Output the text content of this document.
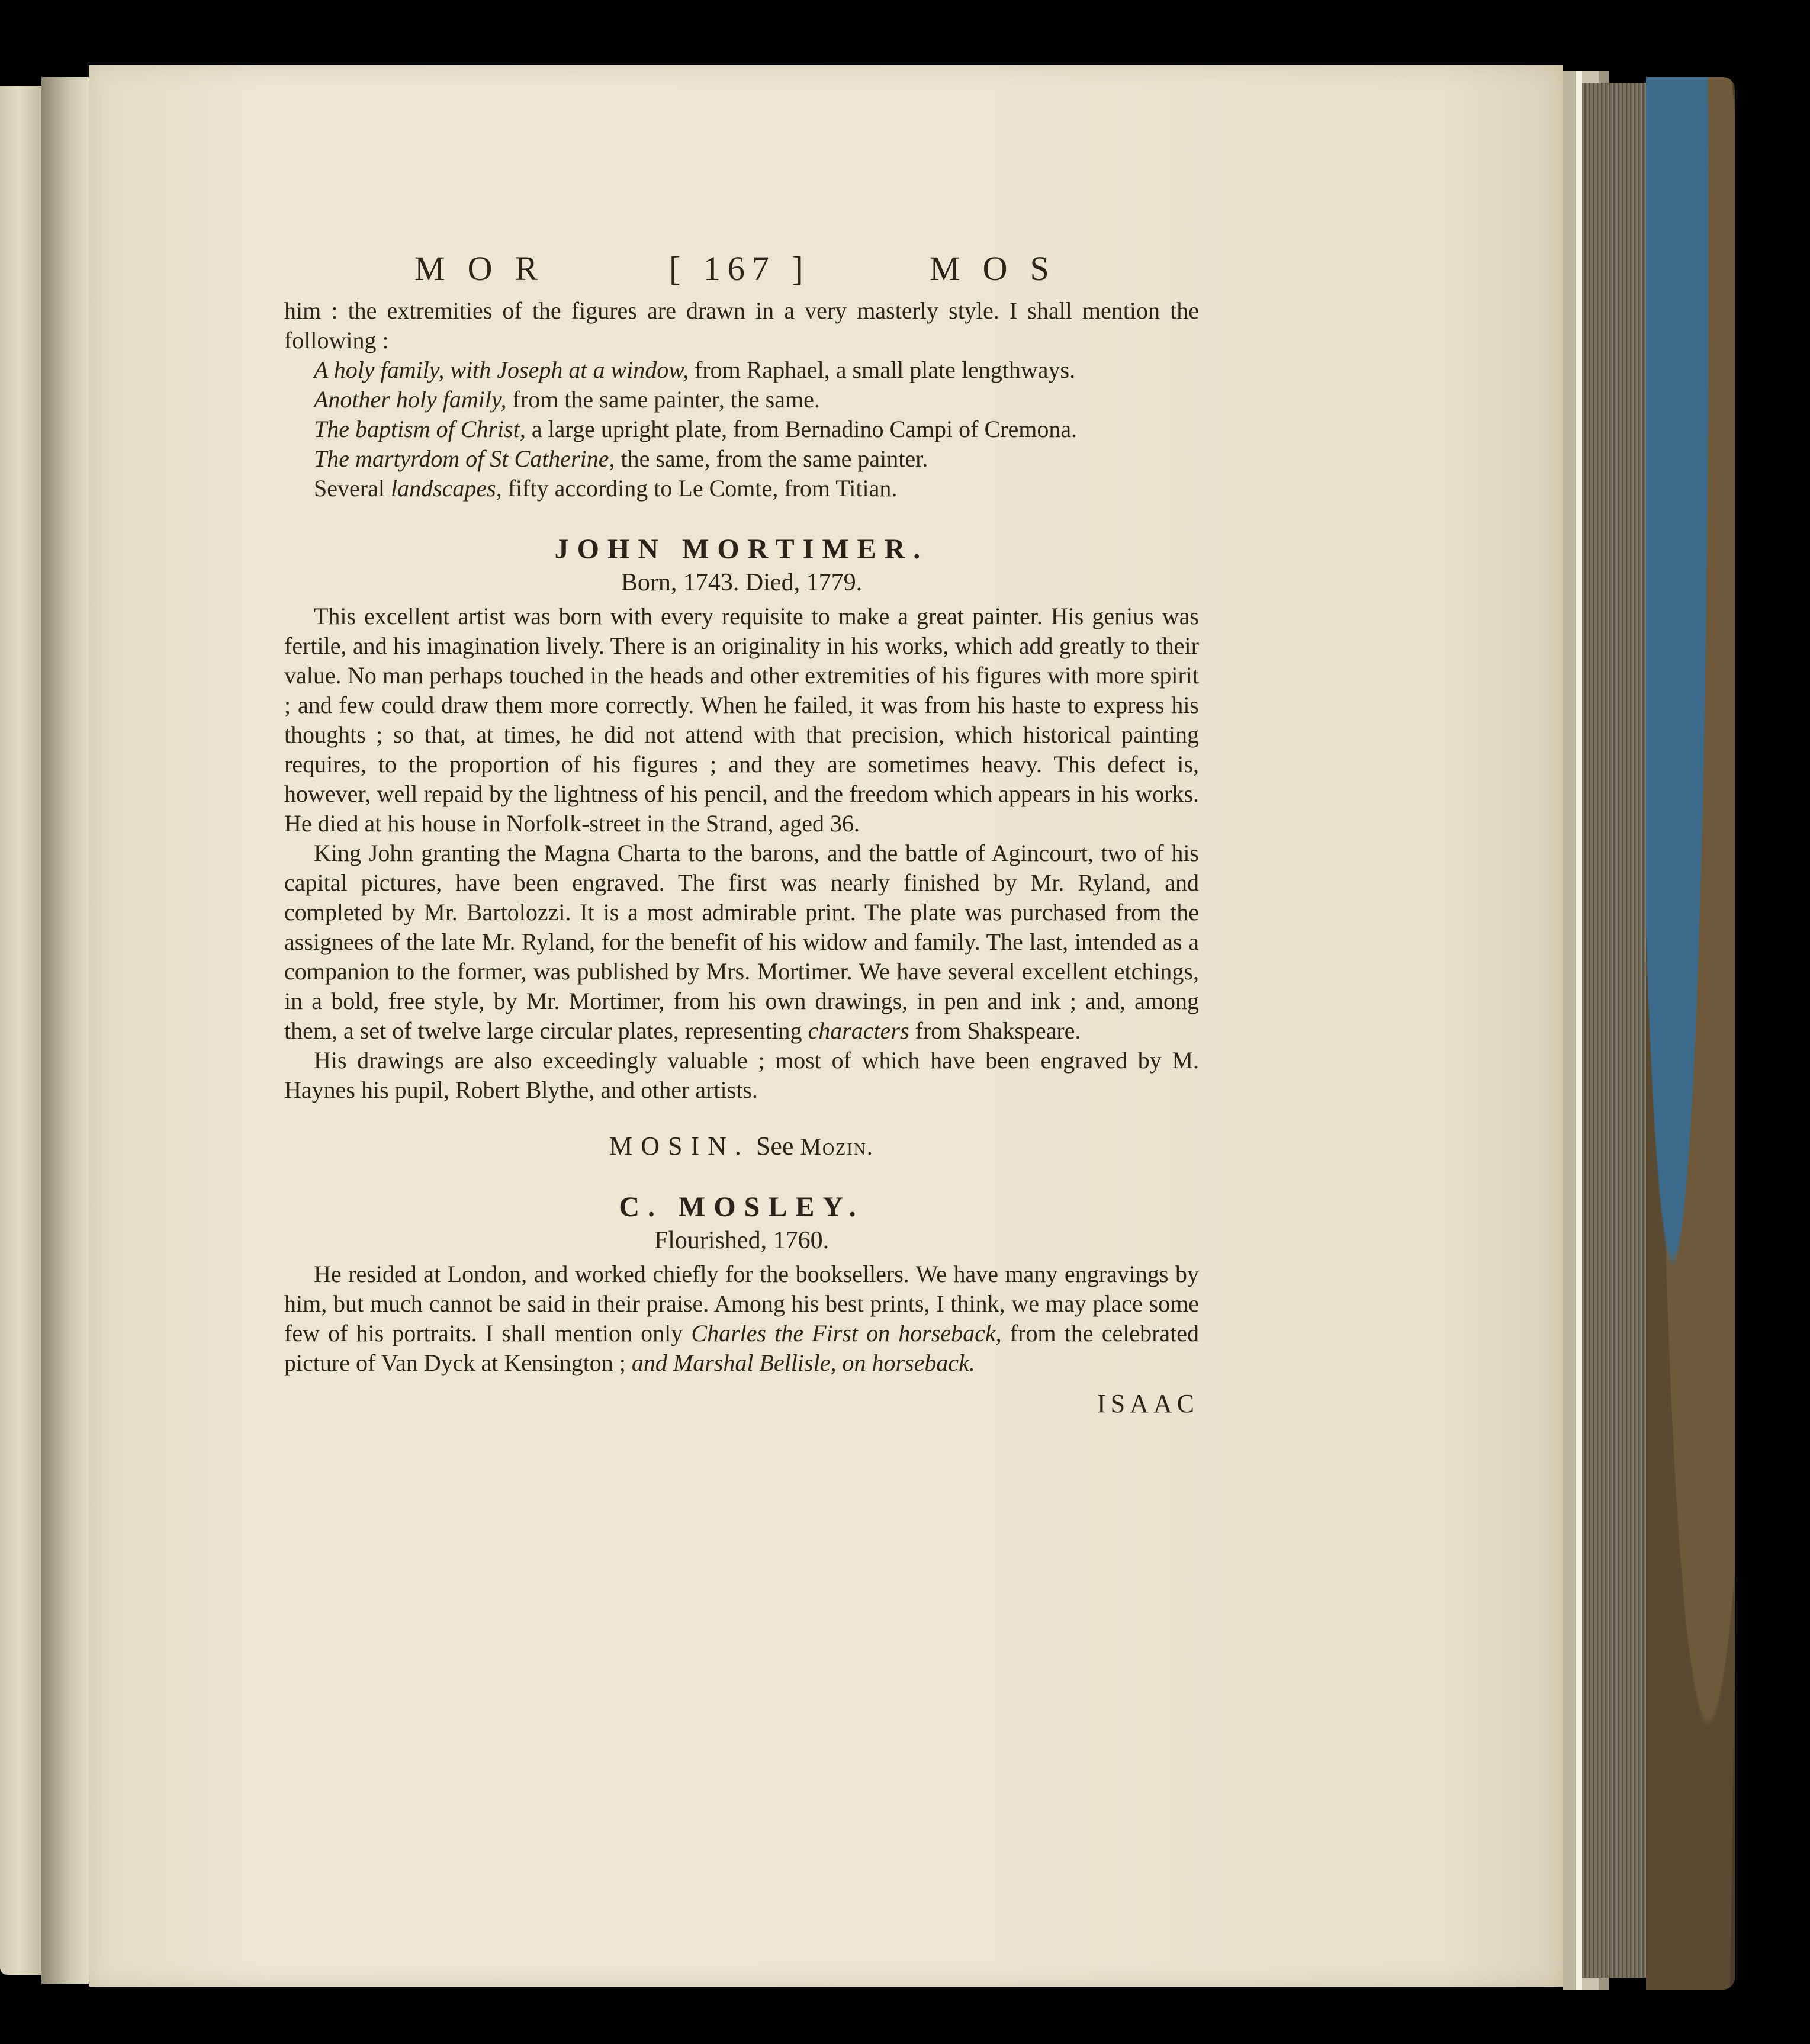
MOR	[ 167 ]	MOS

him : the extremities of the figures are drawn in a very masterly style. I shall mention the following :

A holy family, with Joseph at a window, from Raphael, a small plate lengthways.

Another holy family, from the same painter, the same.

The baptism of Christ, a large upright plate, from Bernadino Campi of Cremona.

The martyrdom of St Catherine, the same, from the same painter.

Several landscapes, fifty according to Le Comte, from Titian.

JOHN MORTIMER.
Born, 1743. Died, 1779.

This excellent artist was born with every requisite to make a great painter. His genius was fertile, and his imagination lively. There is an originality in his works, which add greatly to their value. No man perhaps touched in the heads and other extremities of his figures with more spirit ; and few could draw them more correctly. When he failed, it was from his haste to express his thoughts ; so that, at times, he did not attend with that precision, which historical painting requires, to the proportion of his figures ; and they are sometimes heavy. This defect is, however, well repaid by the lightness of his pencil, and the freedom which appears in his works. He died at his house in Norfolk-street in the Strand, aged 36.

King John granting the Magna Charta to the barons, and the battle of Agincourt, two of his capital pictures, have been engraved. The first was nearly finished by Mr. Ryland, and completed by Mr. Bartolozzi. It is a most admirable print. The plate was purchased from the assignees of the late Mr. Ryland, for the benefit of his widow and family. The last, intended as a companion to the former, was published by Mrs. Mortimer. We have several excellent etchings, in a bold, free style, by Mr. Mortimer, from his own drawings, in pen and ink ; and, among them, a set of twelve large circular plates, representing characters from Shakspeare.

His drawings are also exceedingly valuable ; most of which have been engraved by M. Haynes his pupil, Robert Blythe, and other artists.

MOSIN. See Mozin.
C. MOSLEY.
Flourished, 1760.

He resided at London, and worked chiefly for the booksellers. We have many engravings by him, but much cannot be said in their praise. Among his best prints, I think, we may place some few of his portraits. I shall mention only Charles the First on horseback, from the celebrated picture of Van Dyck at Kensington ; and Marshal Bellisle, on horseback.

ISAAC
